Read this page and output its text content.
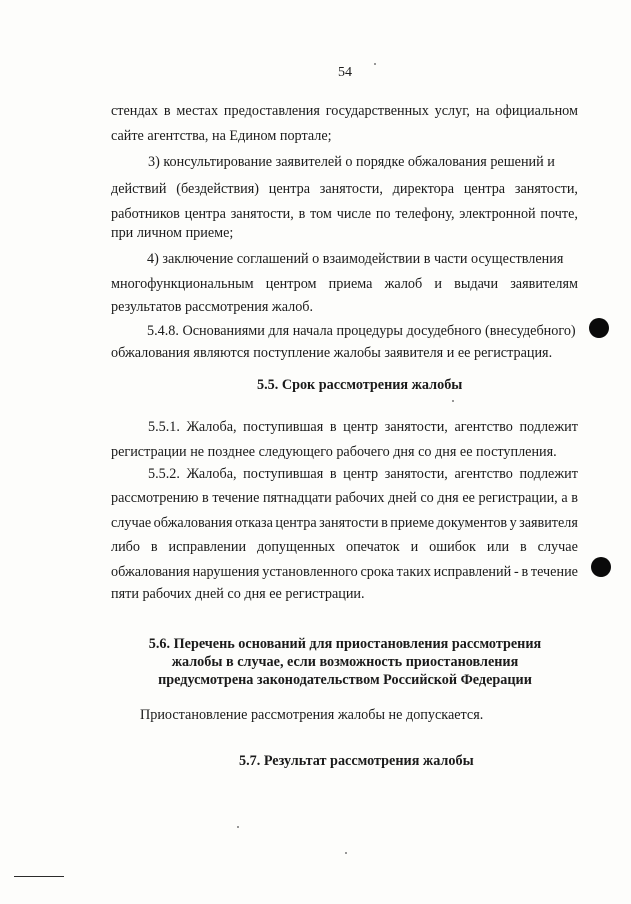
54
стендах в местах предоставления государственных услуг, на официальном
сайте агентства, на Едином портале;
3) консультирование заявителей о порядке обжалования решений и
действий (бездействия) центра занятости, директора центра занятости,
работников центра занятости, в том числе по телефону, электронной почте,
при личном приеме;
4) заключение соглашений о взаимодействии в части осуществления
многофункциональным центром приема жалоб и выдачи заявителям
результатов рассмотрения жалоб.
5.4.8. Основаниями для начала процедуры досудебного (внесудебного)
обжалования являются поступление жалобы заявителя и ее регистрация.
5.5. Срок рассмотрения жалобы
5.5.1. Жалоба, поступившая в центр занятости, агентство подлежит
регистрации не позднее следующего рабочего дня со дня ее поступления.
5.5.2. Жалоба, поступившая в центр занятости, агентство подлежит
рассмотрению в течение пятнадцати рабочих дней со дня ее регистрации, а в
случае обжалования отказа центра занятости в приеме документов у заявителя
либо в исправлении допущенных опечаток и ошибок или в случае
обжалования нарушения установленного срока таких исправлений - в течение
пяти рабочих дней со дня ее регистрации.
5.6. Перечень оснований для приостановления рассмотрения
жалобы в случае, если возможность приостановления
предусмотрена законодательством Российской Федерации
Приостановление рассмотрения жалобы не допускается.
5.7. Результат рассмотрения жалобы
